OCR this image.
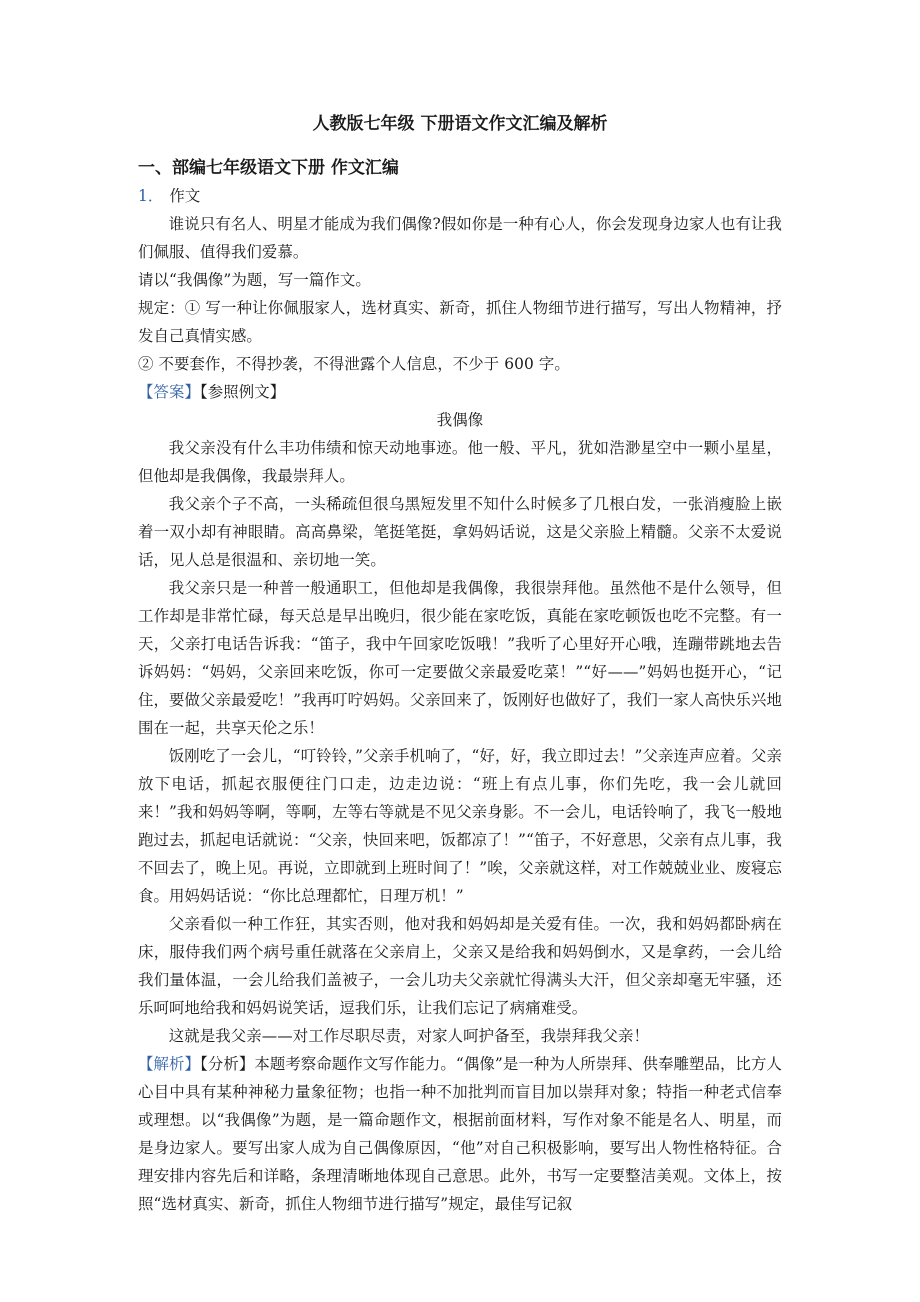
人教版七年级 下册语文作文汇编及解析
一、部编七年级语文下册 作文汇编

1． 作文

谁说只有名人、明星才能成为我们偶像?假如你是一种有心人，你会发现身边家人也有让我们佩服、值得我们爱慕。

请以“我偶像”为题，写一篇作文。

规定：① 写一种让你佩服家人，选材真实、新奇，抓住人物细节进行描写，写出人物精神，抒发自己真情实感。

② 不要套作，不得抄袭，不得泄露个人信息，不少于 600 字。

【答案】【参照例文】

我偶像

我父亲没有什么丰功伟绩和惊天动地事迹。他一般、平凡，犹如浩渺星空中一颗小星星，但他却是我偶像，我最崇拜人。

我父亲个子不高，一头稀疏但很乌黑短发里不知什么时候多了几根白发，一张消瘦脸上嵌着一双小却有神眼睛。高高鼻梁，笔挺笔挺，拿妈妈话说，这是父亲脸上精髓。父亲不太爱说话，见人总是很温和、亲切地一笑。

我父亲只是一种普一般通职工，但他却是我偶像，我很崇拜他。虽然他不是什么领导，但工作却是非常忙碌，每天总是早出晚归，很少能在家吃饭，真能在家吃顿饭也吃不完整。有一天，父亲打电话告诉我：“笛子，我中午回家吃饭哦！”我听了心里好开心哦，连蹦带跳地去告诉妈妈：“妈妈，父亲回来吃饭，你可一定要做父亲最爱吃菜！”“好——”妈妈也挺开心，“记住，要做父亲最爱吃！”我再叮咛妈妈。父亲回来了，饭刚好也做好了，我们一家人高快乐兴地围在一起，共享天伦之乐！

饭刚吃了一会儿，“叮铃铃，”父亲手机响了，“好，好，我立即过去！”父亲连声应着。父亲放下电话，抓起衣服便往门口走，边走边说：“班上有点儿事，你们先吃，我一会儿就回来！”我和妈妈等啊，等啊，左等右等就是不见父亲身影。不一会儿，电话铃响了，我飞一般地跑过去，抓起电话就说：“父亲，快回来吧，饭都凉了！”“笛子，不好意思，父亲有点儿事，我不回去了，晚上见。再说，立即就到上班时间了！”唉，父亲就这样，对工作兢兢业业、废寝忘食。用妈妈话说：“你比总理都忙，日理万机！”

父亲看似一种工作狂，其实否则，他对我和妈妈却是关爱有佳。一次，我和妈妈都卧病在床，服侍我们两个病号重任就落在父亲肩上，父亲又是给我和妈妈倒水，又是拿药，一会儿给我们量体温，一会儿给我们盖被子，一会儿功夫父亲就忙得满头大汗，但父亲却毫无牢骚，还乐呵呵地给我和妈妈说笑话，逗我们乐，让我们忘记了病痛难受。

这就是我父亲——对工作尽职尽责，对家人呵护备至，我崇拜我父亲！

【解析】【分析】本题考察命题作文写作能力。“偶像”是一种为人所崇拜、供奉雕塑品，比方人心目中具有某种神秘力量象征物；也指一种不加批判而盲目加以崇拜对象；特指一种老式信奉或理想。以“我偶像”为题，是一篇命题作文，根据前面材料，写作对象不能是名人、明星，而是身边家人。要写出家人成为自己偶像原因，“他”对自己积极影响，要写出人物性格特征。合理安排内容先后和详略，条理清晰地体现自己意思。此外，书写一定要整洁美观。文体上，按照“选材真实、新奇，抓住人物细节进行描写”规定，最佳写记叙
